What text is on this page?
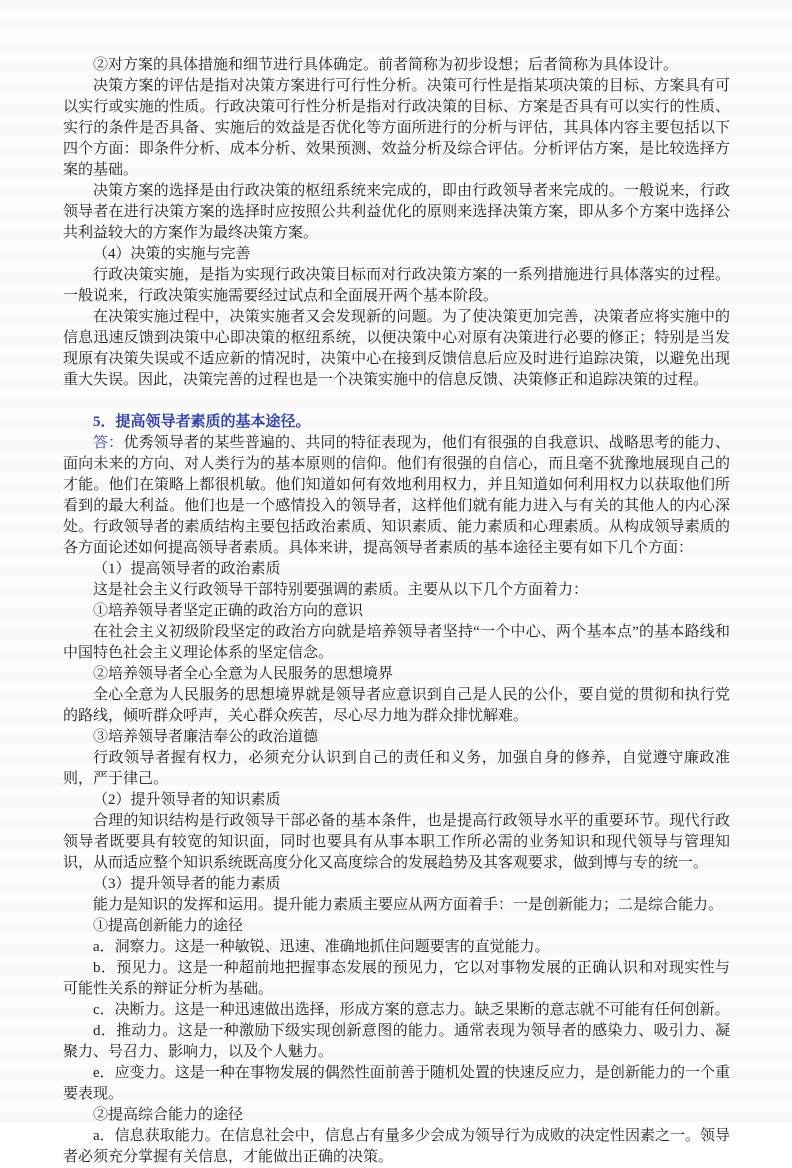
②对方案的具体措施和细节进行具体确定。前者简称为初步设想；后者简称为具体设计。

决策方案的评估是指对决策方案进行可行性分析。决策可行性是指某项决策的目标、方案具有可以实行或实施的性质。行政决策可行性分析是指对行政决策的目标、方案是否具有可以实行的性质、实行的条件是否具备、实施后的效益是否优化等方面所进行的分析与评估，其具体内容主要包括以下四个方面：即条件分析、成本分析、效果预测、效益分析及综合评估。分析评估方案，是比较选择方案的基础。

决策方案的选择是由行政决策的枢纽系统来完成的，即由行政领导者来完成的。一般说来，行政领导者在进行决策方案的选择时应按照公共利益优化的原则来选择决策方案，即从多个方案中选择公共利益较大的方案作为最终决策方案。

（4）决策的实施与完善

行政决策实施，是指为实现行政决策目标而对行政决策方案的一系列措施进行具体落实的过程。一般说来，行政决策实施需要经过试点和全面展开两个基本阶段。

在决策实施过程中，决策实施者又会发现新的问题。为了使决策更加完善，决策者应将实施中的信息迅速反馈到决策中心即决策的枢纽系统，以便决策中心对原有决策进行必要的修正；特别是当发现原有决策失误或不适应新的情况时，决策中心在接到反馈信息后应及时进行追踪决策，以避免出现重大失误。因此，决策完善的过程也是一个决策实施中的信息反馈、决策修正和追踪决策的过程。

5．提高领导者素质的基本途径。

答：优秀领导者的某些普遍的、共同的特征表现为，他们有很强的自我意识、战略思考的能力、面向未来的方向、对人类行为的基本原则的信仰。他们有很强的自信心，而且毫不犹豫地展现自己的才能。他们在策略上都很机敏。他们知道如何有效地利用权力，并且知道如何利用权力以获取他们所看到的最大利益。他们也是一个感情投入的领导者，这样他们就有能力进入与有关的其他人的内心深处。行政领导者的素质结构主要包括政治素质、知识素质、能力素质和心理素质。从构成领导素质的各方面论述如何提高领导者素质。具体来讲，提高领导者素质的基本途径主要有如下几个方面：

（1）提高领导者的政治素质

这是社会主义行政领导干部特别要强调的素质。主要从以下几个方面着力：

①培养领导者坚定正确的政治方向的意识

在社会主义初级阶段坚定的政治方向就是培养领导者坚持“一个中心、两个基本点”的基本路线和中国特色社会主义理论体系的坚定信念。

②培养领导者全心全意为人民服务的思想境界

全心全意为人民服务的思想境界就是领导者应意识到自己是人民的公仆，要自觉的贯彻和执行党的路线，倾听群众呼声，关心群众疾苦，尽心尽力地为群众排忧解难。

③培养领导者廉洁奉公的政治道德

行政领导者握有权力，必须充分认识到自己的责任和义务，加强自身的修养，自觉遵守廉政准则，严于律己。

（2）提升领导者的知识素质

合理的知识结构是行政领导干部必备的基本条件，也是提高行政领导水平的重要环节。现代行政领导者既要具有较宽的知识面，同时也要具有从事本职工作所必需的业务知识和现代领导与管理知识，从而适应整个知识系统既高度分化又高度综合的发展趋势及其客观要求，做到博与专的统一。

（3）提升领导者的能力素质

能力是知识的发挥和运用。提升能力素质主要应从两方面着手：一是创新能力；二是综合能力。

①提高创新能力的途径

a．洞察力。这是一种敏锐、迅速、准确地抓住问题要害的直觉能力。

b．预见力。这是一种超前地把握事态发展的预见力，它以对事物发展的正确认识和对现实性与可能性关系的辩证分析为基础。

c．决断力。这是一种迅速做出选择，形成方案的意志力。缺乏果断的意志就不可能有任何创新。

d．推动力。这是一种激励下级实现创新意图的能力。通常表现为领导者的感染力、吸引力、凝聚力、号召力、影响力，以及个人魅力。

e．应变力。这是一种在事物发展的偶然性面前善于随机处置的快速反应力，是创新能力的一个重要表现。

②提高综合能力的途径

a．信息获取能力。在信息社会中，信息占有量多少会成为领导行为成败的决定性因素之一。领导者必须充分掌握有关信息，才能做出正确的决策。
